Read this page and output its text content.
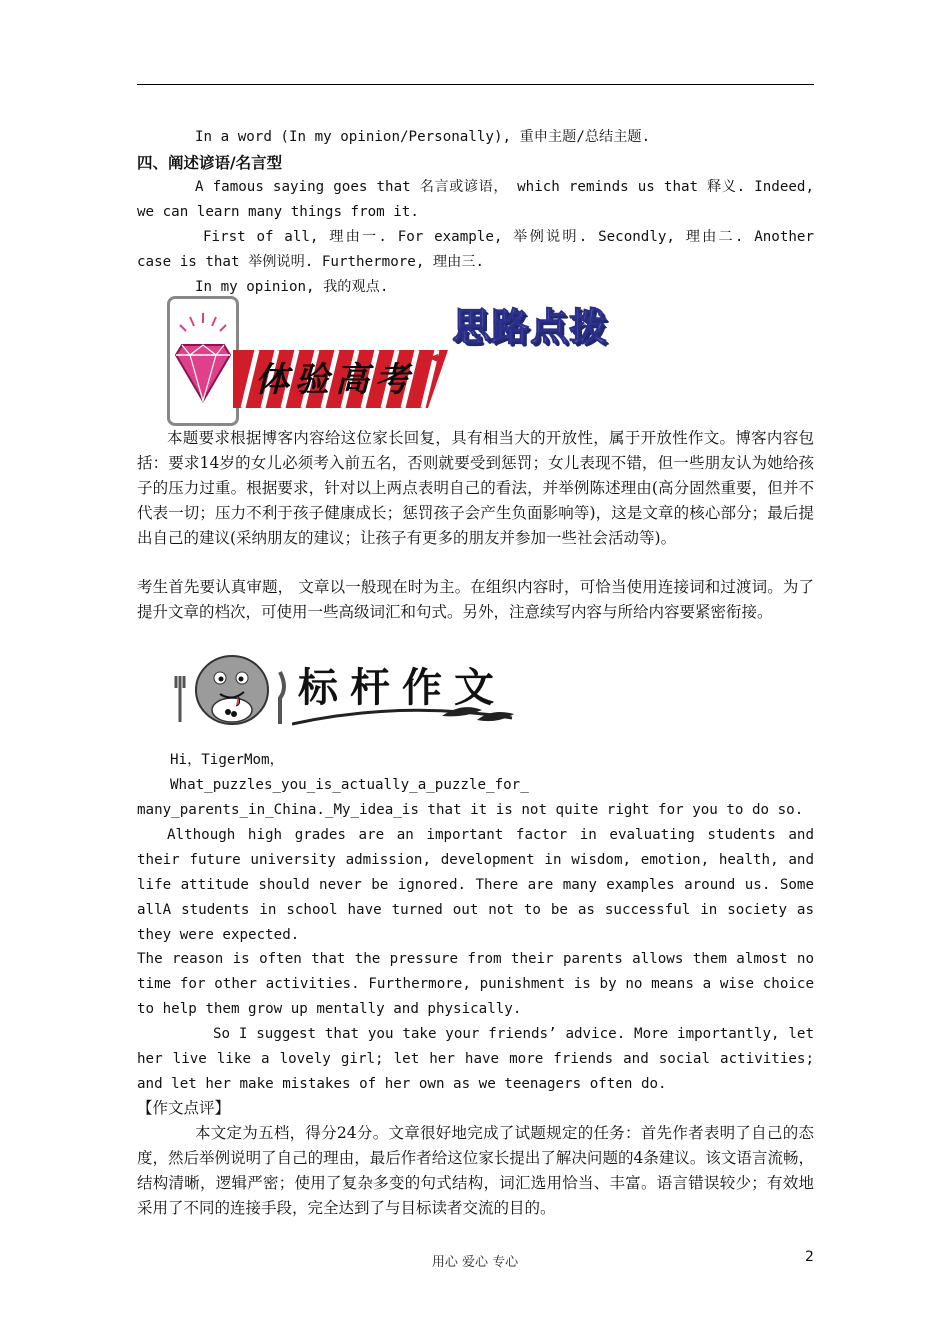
In a word (In my opinion/Personally), 重申主题/总结主题.

四、阐述谚语/名言型

A famous saying goes that 名言或谚语， which reminds us that 释义. Indeed, we can learn many things from it.

First of all, 理由一. For example, 举例说明. Secondly, 理由二. Another case is that 举例说明. Furthermore, 理由三.

In my opinion, 我的观点.

体验高考
思路点拨

本题要求根据博客内容给这位家长回复，具有相当大的开放性，属于开放性作文。博客内容包括：要求14岁的女儿必须考入前五名，否则就要受到惩罚；女儿表现不错，但一些朋友认为她给孩子的压力过重。根据要求，针对以上两点表明自己的看法，并举例陈述理由(高分固然重要，但并不代表一切；压力不利于孩子健康成长；惩罚孩子会产生负面影响等)，这是文章的核心部分；最后提出自己的建议(采纳朋友的建议；让孩子有更多的朋友并参加一些社会活动等)。

考生首先要认真审题， 文章以一般现在时为主。在组织内容时，可恰当使用连接词和过渡词。为了提升文章的档次，可使用一些高级词汇和句式。另外，注意续写内容与所给内容要紧密衔接。

标杆作文

Hi，TigerMom，

What_puzzles_you_is_actually_a_puzzle_for_

many_parents_in_China._My_idea_is that it is not quite right for you to do so.

Although high grades are an important factor in evaluating students and their future university admission, development in wisdom, emotion, health, and life attitude should never be ignored. There are many examples around us. Some allA students in school have turned out not to be as successful in society as they were expected.

The reason is often that the pressure from their parents allows them almost no time for other activities. Furthermore, punishment is by no means a wise choice to help them grow up mentally and physically.

So I suggest that you take your friends’ advice. More importantly, let her live like a lovely girl; let her have more friends and social activities; and let her make mistakes of her own as we teenagers often do.

【作文点评】

本文定为五档，得分24分。文章很好地完成了试题规定的任务：首先作者表明了自己的态度，然后举例说明了自己的理由，最后作者给这位家长提出了解决问题的4条建议。该文语言流畅，结构清晰，逻辑严密；使用了复杂多变的句式结构，词汇选用恰当、丰富。语言错误较少；有效地采用了不同的连接手段，完全达到了与目标读者交流的目的。

用心 爱心 专心	2
